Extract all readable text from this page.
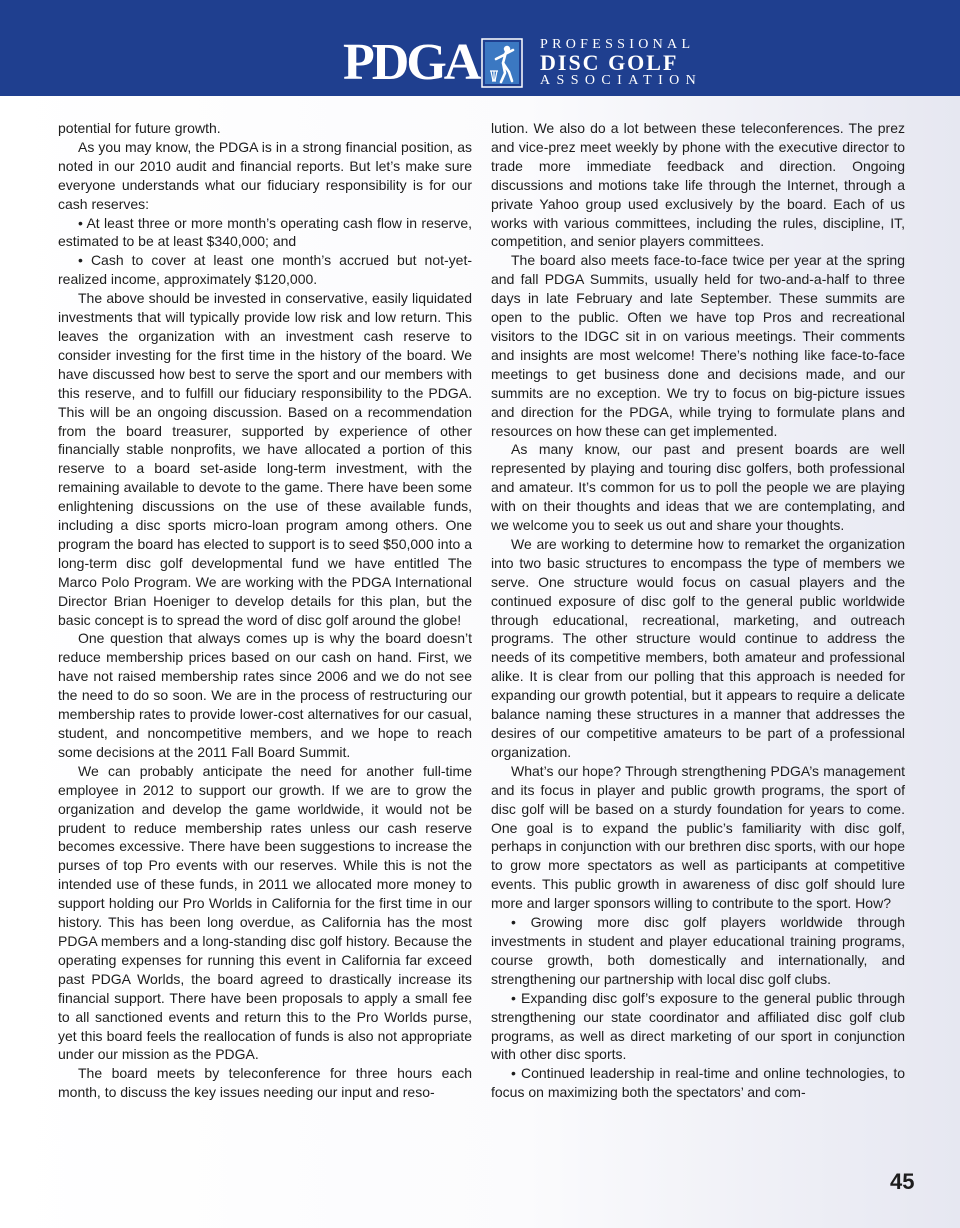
PDGA	PROFESSIONAL
DISC GOLF
ASSOCIATION

potential for future growth.

As you may know, the PDGA is in a strong financial position, as noted in our 2010 audit and financial reports. But let’s make sure everyone understands what our fiduciary responsibility is for our cash reserves:

• At least three or more month’s operating cash flow in reserve, estimated to be at least $340,000; and

• Cash to cover at least one month’s accrued but not-yet-realized income, approximately $120,000.

The above should be invested in conservative, easily liquidated investments that will typically provide low risk and low return. This leaves the organization with an investment cash reserve to consider investing for the first time in the history of the board. We have discussed how best to serve the sport and our members with this reserve, and to fulfill our fiduciary responsibility to the PDGA. This will be an ongoing discussion. Based on a recommendation from the board treasurer, supported by experience of other financially stable nonprofits, we have allocated a portion of this reserve to a board set-aside long-term investment, with the remaining available to devote to the game. There have been some enlightening discussions on the use of these available funds, including a disc sports micro-loan program among others. One program the board has elected to support is to seed $50,000 into a long-term disc golf developmental fund we have entitled The Marco Polo Program. We are working with the PDGA International Director Brian Hoeniger to develop details for this plan, but the basic concept is to spread the word of disc golf around the globe!

One question that always comes up is why the board doesn’t reduce membership prices based on our cash on hand. First, we have not raised membership rates since 2006 and we do not see the need to do so soon. We are in the process of restructuring our membership rates to provide lower-cost alternatives for our casual, student, and noncompetitive members, and we hope to reach some decisions at the 2011 Fall Board Summit.

We can probably anticipate the need for another full-time employee in 2012 to support our growth. If we are to grow the organization and develop the game worldwide, it would not be prudent to reduce membership rates unless our cash reserve becomes excessive. There have been suggestions to increase the purses of top Pro events with our reserves. While this is not the intended use of these funds, in 2011 we allocated more money to support holding our Pro Worlds in California for the first time in our history. This has been long overdue, as California has the most PDGA members and a long-standing disc golf history. Because the operating expenses for running this event in California far exceed past PDGA Worlds, the board agreed to drastically increase its financial support. There have been proposals to apply a small fee to all sanctioned events and return this to the Pro Worlds purse, yet this board feels the reallocation of funds is also not appropriate under our mission as the PDGA.

The board meets by teleconference for three hours each month, to discuss the key issues needing our input and reso-

lution. We also do a lot between these teleconferences. The prez and vice-prez meet weekly by phone with the executive director to trade more immediate feedback and direction. Ongoing discussions and motions take life through the Internet, through a private Yahoo group used exclusively by the board. Each of us works with various committees, including the rules, discipline, IT, competition, and senior players committees.

The board also meets face-to-face twice per year at the spring and fall PDGA Summits, usually held for two-and-a-half to three days in late February and late September. These summits are open to the public. Often we have top Pros and recreational visitors to the IDGC sit in on various meetings. Their comments and insights are most welcome! There’s nothing like face-to-face meetings to get business done and decisions made, and our summits are no exception. We try to focus on big-picture issues and direction for the PDGA, while trying to formulate plans and resources on how these can get implemented.

As many know, our past and present boards are well represented by playing and touring disc golfers, both professional and amateur. It’s common for us to poll the people we are playing with on their thoughts and ideas that we are contemplating, and we welcome you to seek us out and share your thoughts.

We are working to determine how to remarket the organization into two basic structures to encompass the type of members we serve. One structure would focus on casual players and the continued exposure of disc golf to the general public worldwide through educational, recreational, marketing, and outreach programs. The other structure would continue to address the needs of its competitive members, both amateur and professional alike. It is clear from our polling that this approach is needed for expanding our growth potential, but it appears to require a delicate balance naming these structures in a manner that addresses the desires of our competitive amateurs to be part of a professional organization.

What’s our hope? Through strengthening PDGA’s management and its focus in player and public growth programs, the sport of disc golf will be based on a sturdy foundation for years to come. One goal is to expand the public’s familiarity with disc golf, perhaps in conjunction with our brethren disc sports, with our hope to grow more spectators as well as participants at competitive events. This public growth in awareness of disc golf should lure more and larger sponsors willing to contribute to the sport. How?

• Growing more disc golf players worldwide through investments in student and player educational training programs, course growth, both domestically and internationally, and strengthening our partnership with local disc golf clubs.

• Expanding disc golf’s exposure to the general public through strengthening our state coordinator and affiliated disc golf club programs, as well as direct marketing of our sport in conjunction with other disc sports.

• Continued leadership in real-time and online technologies, to focus on maximizing both the spectators’ and com-

45
